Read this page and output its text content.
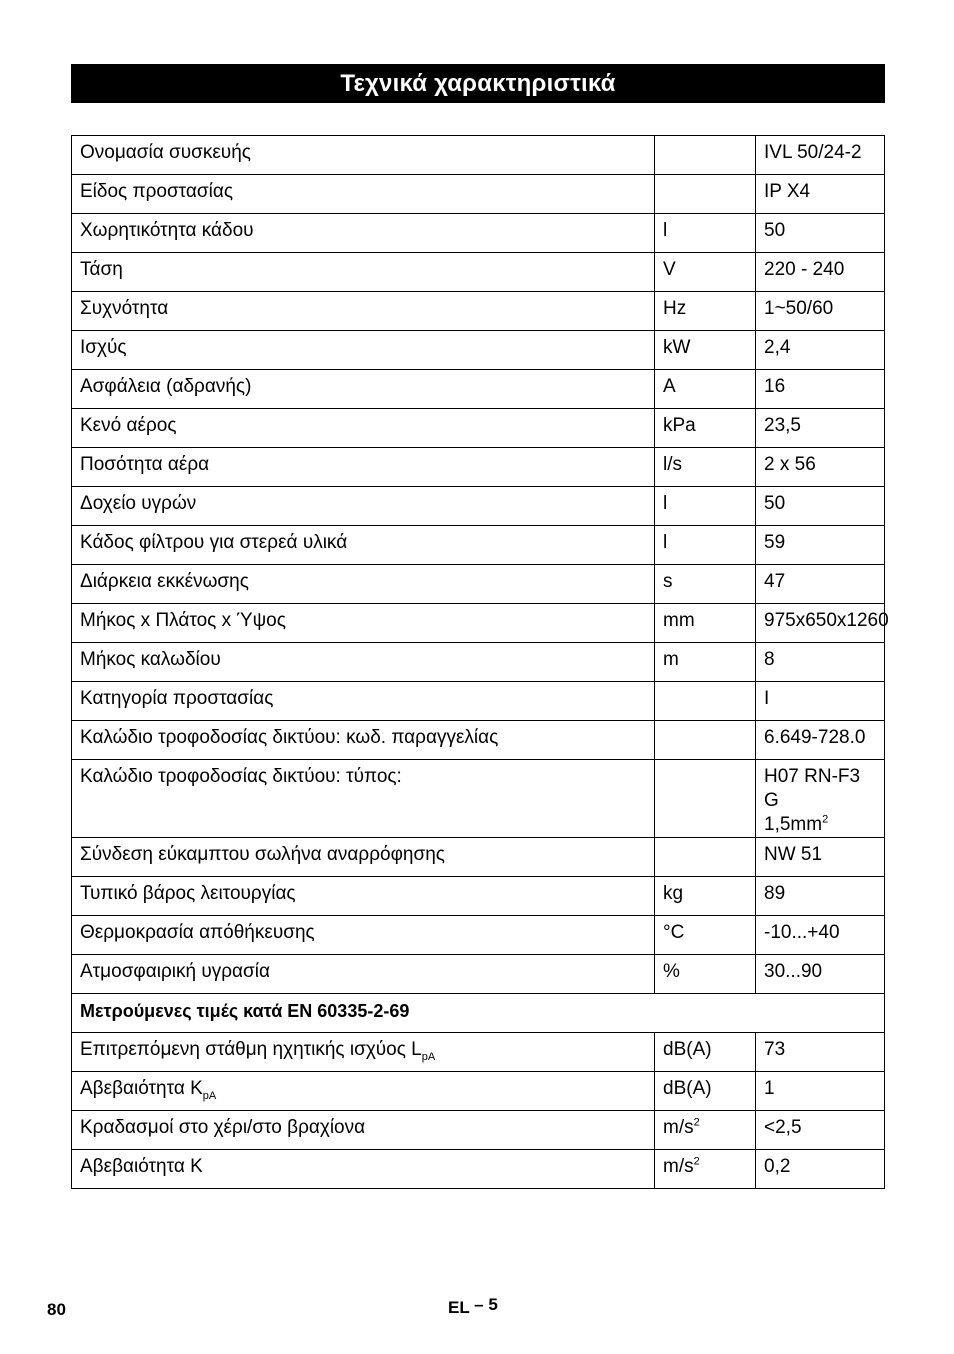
Τεχνικά χαρακτηριστικά
Ονομασία συσκευής		IVL 50/24-2
Είδος προστασίας		IP X4
Χωρητικότητα κάδου	l	50
Τάση	V	220 - 240
Συχνότητα	Hz	1~50/60
Ισχύς	kW	2,4
Ασφάλεια (αδρανής)	A	16
Κενό αέρος	kPa	23,5
Ποσότητα αέρα	l/s	2 x 56
Δοχείο υγρών	l	50
Κάδος φίλτρου για στερεά υλικά	l	59
Διάρκεια εκκένωσης	s	47
Μήκος x Πλάτος x Ύψος	mm	975x650x1260
Μήκος καλωδίου	m	8
Κατηγορία προστασίας		I
Καλώδιο τροφοδοσίας δικτύου: κωδ. παραγγελίας		6.649-728.0
Καλώδιο τροφοδοσίας δικτύου: τύπος:		H07 RN-F3 G
$1,5mm^2$
Σύνδεση εύκαμπτου σωλήνα αναρρόφησης		NW 51
Τυπικό βάρος λειτουργίας	kg	89
Θερμοκρασία απόθήκευσης	°C	-10...+40
Ατμοσφαιρική υγρασία	%	30...90
Μετρούμενες τιμές κατά EN 60335-2-69		
Επιτρεπόμενη στάθμη ηχητικής ισχύος $L_{pA}$	dB(A)	73
Αβεβαιότητα $K_{pA}$	dB(A)	1
Κραδασμοί στο χέρι/στο βραχίονα	$m/s^2$	<2,5
Αβεβαιότητα K	$m/s^2$	0,2
80	EL – 5
